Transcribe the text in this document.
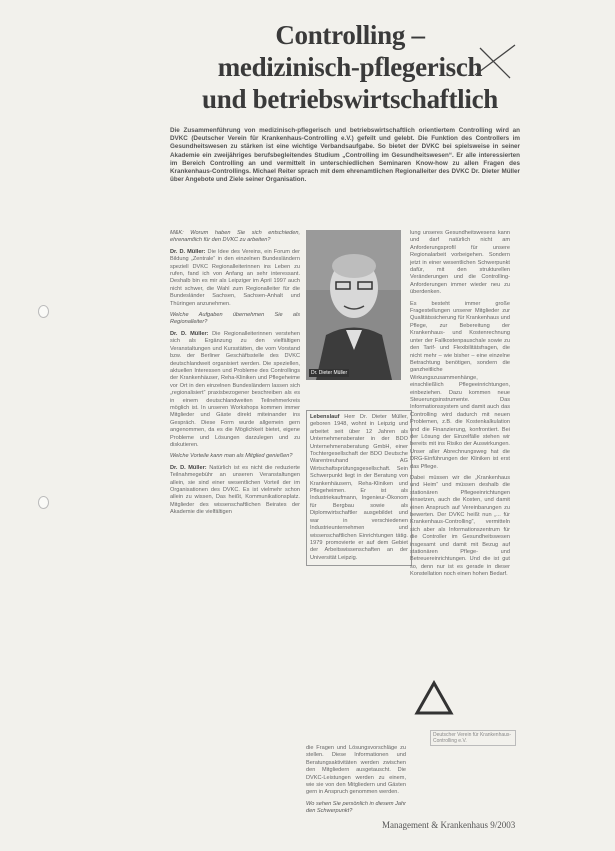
Controlling –
medizinisch-pflegerisch
und betriebswirtschaftlich
Die Zusammenführung von medizinisch-pflegerisch und betriebswirtschaftlich orientiertem Controlling wird an DVKC (Deutscher Verein für Krankenhaus-Controlling e.V.) gefeilt und gelebt. Die Funktion des Controllers im Gesundheitswesen zu stärken ist eine wichtige Verbandsaufgabe. So bietet der DVKC bei spielsweise in seiner Akademie ein zweijähriges berufsbegleitendes Studium „Controlling im Gesundheitswesen“. Er alle interessierten im Bereich Controlling an und vermittelt in unterschiedlichen Seminaren Know-how zu allen Fragen des Krankenhaus-Controllings. Michael Reiter sprach mit dem ehrenamtlichen Regionalleiter des DVKC Dr. Dieter Müller über Angebote und Ziele seiner Organisation.

M&K: Worum haben Sie sich entschieden, ehrenamtlich für den DVKC zu arbeiten?

Dr. D. Müller: Die Idee des Vereins, ein Forum der Bildung „Zentrale“ in den einzelnen Bundesländern speziell DVKC Regionalleiterinnen ins Leben zu rufen, fand ich von Anfang an sehr interessant. Deshalb bin es mir als Leipziger im April 1997 auch nicht schwer, die Wahl zum Regionalleiter für die Bundesländer Sachsen, Sachsen-Anhalt und Thüringen anzunehmen.

Welche Aufgaben übernehmen Sie als Regionalleiter?

Dr. D. Müller: Die Regionalleiterinnen verstehen sich als Ergänzung zu den vielfältigen Veranstaltungen und Kursstätten, die vom Vorstand bzw. der Berliner Geschäftsstelle des DVKC deutschlandweit organisiert werden. Die speziellen, aktuellen Interessen und Probleme des Controllings der Krankenhäuser, Reha-Kliniken und Pflegeheime vor Ort in den einzelnen Bundesländern lassen sich „regionalisiert“ praxisbezogener beschreiben als es in einem deutschlandweiten Teilnehmerkreis möglich ist. In unseren Workshops kommen immer Mitglieder und Gäste direkt miteinander ins Gespräch. Diese Form wurde allgemein gern angenommen, da es die Möglichkeit bietet, eigene Probleme und Lösungen darzulegen und zu diskutieren.

Welche Vorteile kann man als Mitglied genießen?

Dr. D. Müller: Natürlich ist es nicht die reduzierte Teilnahmegebühr an unseren Veranstaltungen allein, sie sind einer wesentlichen Vorteil der im Organisationen des DVKC. Es ist vielmehr schon allein zu wissen, Das heißt, Kommunikationsplatz. Mitglieder des wissenschaftlichen Beirates der Akademie die vielfältigen

Dr. Dieter Müller
Lebenslauf Herr Dr. Dieter Müller, geboren 1948, wohnt in Leipzig und arbeitet seit über 12 Jahren als Unternehmensberater in der BDO Unternehmensberatung GmbH, einer Tochtergesellschaft der BDO Deutsche Warentreuhand AG Wirtschaftsprüfungsgesellschaft. Sein Schwerpunkt liegt in der Beratung von Krankenhäusern, Reha-Kliniken und Pflegeheimen. Er ist als Industriekaufmann, Ingenieur-Ökonom für Bergbau sowie als Diplomwirtschaftler ausgebildet und war in verschiedenen Industrieunternehmen und wissenschaftlichen Einrichtungen tätig. 1979 promovierte er auf dem Gebiet der Arbeitswissenschaften an der Universität Leipzig.

die Fragen und Lösungsvorschläge zu stellen. Diese Informationen und Beratungsaktivitäten werden zwischen den Mitgliedern ausgetauscht. Die DVKC-Leistungen werden zu einem, wie sie von den Mitgliedern und Gästen gern in Anspruch genommen werden.

Wo sehen Sie persönlich in diesem Jahr den Schwerpunkt?

lung unseres Gesundheitswesens kann und darf natürlich nicht am Anforderungsprofil für unsere Regionalarbeit vorbeigehen. Sondern jetzt in einer wesentlichen Schwerpunkt dafür, mit den strukturellen Veränderungen und die Controlling-Anforderungen immer wieder neu zu überdenken.

Es besteht immer große Fragestellungen unserer Mitglieder zur Qualitätssicherung für Krankenhaus und Pflege, zur Bebereitung der Krankenhaus- und Kostenrechnung unter der Fallkostenpauschale sowie zu den Tarif- und Flexibilitätsfragen, die nicht mehr – wie bisher – eine einzelne Betrachtung benötigen, sondern die ganzheitliche Wirkungszusammenhänge, einschließlich Pflegeeinrichtungen, einbeziehen. Dazu kommen neue Steuerungsinstrumente. Das Informationssystem und damit auch das Controlling wird dadurch mit neuen Problemen, z.B. die Kostenkalkulation und die Finanzierung, konfrontiert. Bei der Lösung der Einzelfälle stehen wir bereits mit ins Risiko der Auswirkungen. Unser aller Abrechnungsweg hat die DRG-Einführungen der Kliniken ist erst das Pflege.

Dabei müssen wir die „Krankenhaus und Heim“ und müssen deshalb die stationären Pflegeeinrichtungen einsetzen, auch die Kosten, und damit einen Anspruch auf Vereinbarungen zu bewerten. Der DVKC heißt nun „... für Krankenhaus-Controlling“, vermitteln sich aber als Informationszentrum für die Controller im Gesundheitswesen insgesamt und damit mit Bezug auf stationären Pflege- und Betreuereinrichtungen. Und die ist gut so, denn nur ist es gerade in dieser Konstellation noch einen hohen Bedarf.

Deutscher Verein für Krankenhaus-Controlling e.V.
Management & Krankenhaus 9/2003
